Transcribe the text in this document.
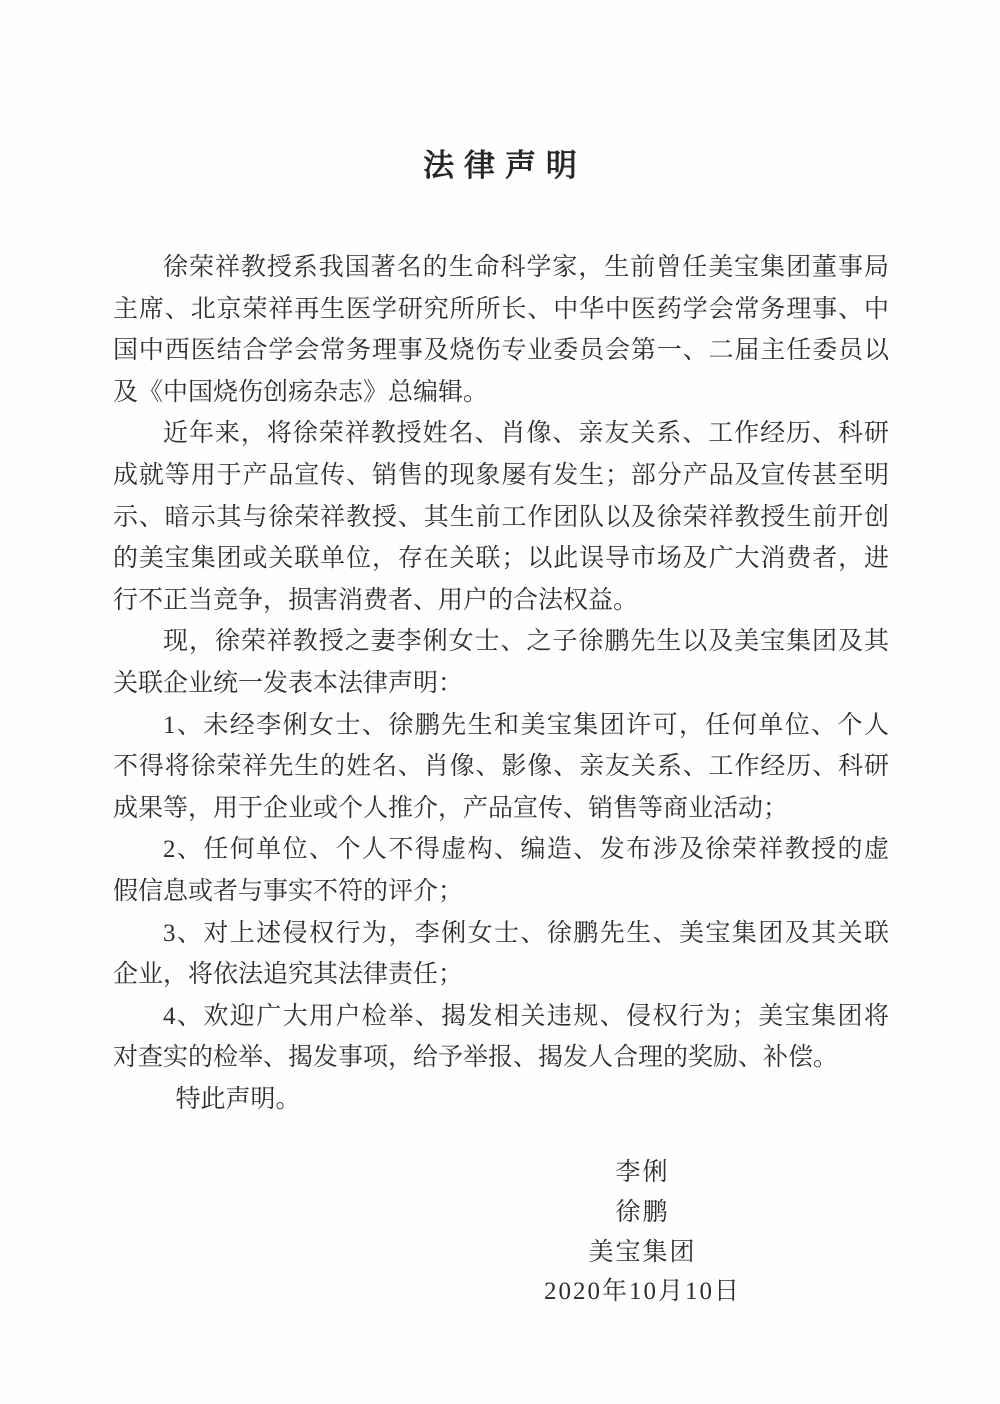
法律声明
徐荣祥教授系我国著名的生命科学家，生前曾任美宝集团董事局
主席、北京荣祥再生医学研究所所长、中华中医药学会常务理事、中
国中西医结合学会常务理事及烧伤专业委员会第一、二届主任委员以
及《中国烧伤创疡杂志》总编辑。
近年来，将徐荣祥教授姓名、肖像、亲友关系、工作经历、科研
成就等用于产品宣传、销售的现象屡有发生；部分产品及宣传甚至明
示、暗示其与徐荣祥教授、其生前工作团队以及徐荣祥教授生前开创
的美宝集团或关联单位，存在关联；以此误导市场及广大消费者，进
行不正当竞争，损害消费者、用户的合法权益。
现，徐荣祥教授之妻李俐女士、之子徐鹏先生以及美宝集团及其
关联企业统一发表本法律声明：
1、未经李俐女士、徐鹏先生和美宝集团许可，任何单位、个人
不得将徐荣祥先生的姓名、肖像、影像、亲友关系、工作经历、科研
成果等，用于企业或个人推介，产品宣传、销售等商业活动；
2、任何单位、个人不得虚构、编造、发布涉及徐荣祥教授的虚
假信息或者与事实不符的评介；
3、对上述侵权行为，李俐女士、徐鹏先生、美宝集团及其关联
企业，将依法追究其法律责任；
4、欢迎广大用户检举、揭发相关违规、侵权行为；美宝集团将
对查实的检举、揭发事项，给予举报、揭发人合理的奖励、补偿。
特此声明。
李俐
徐鹏
美宝集团
2020年10月10日
